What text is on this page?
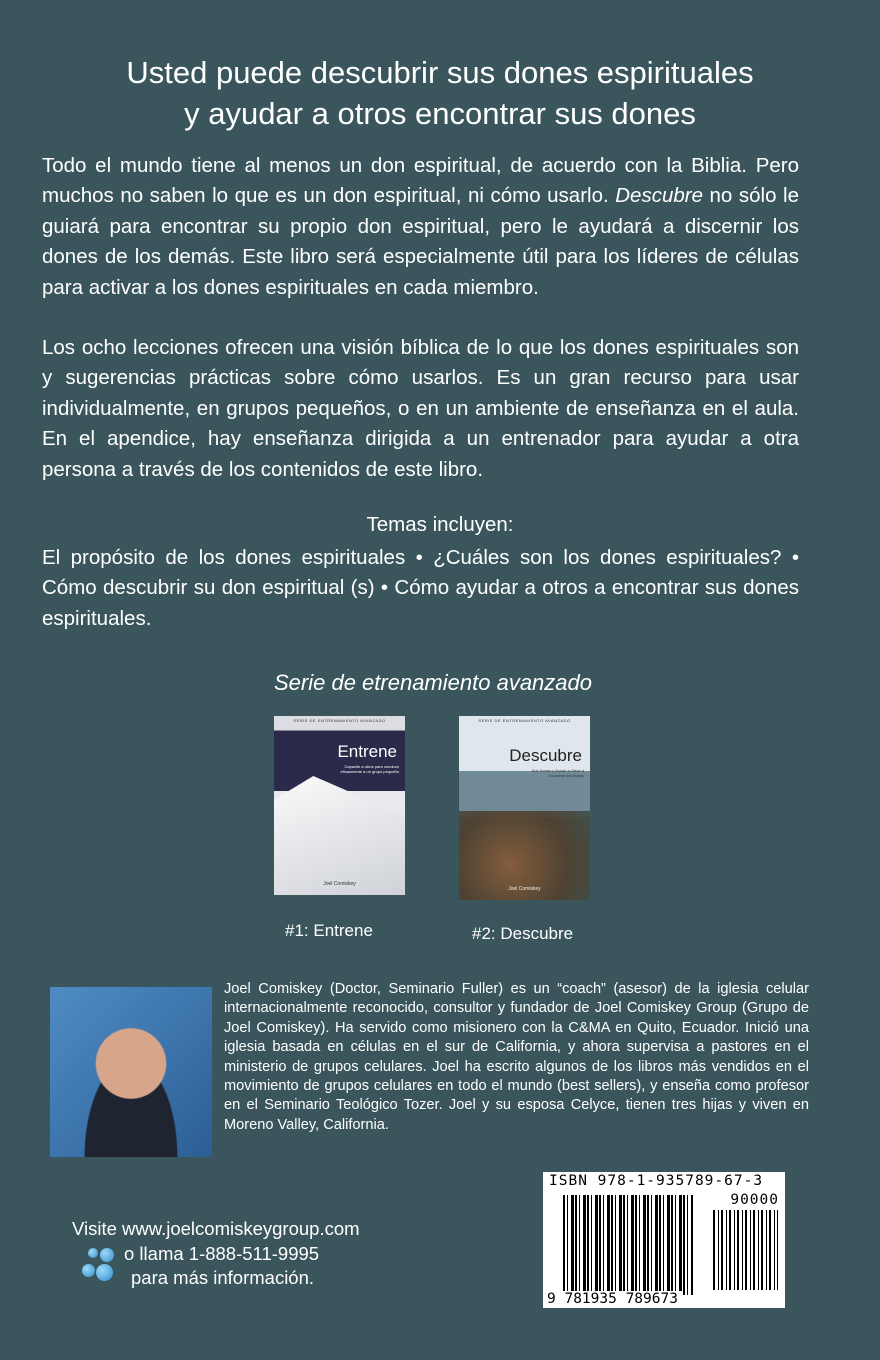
Usted puede descubrir sus dones espirituales
y ayudar a otros encontrar sus dones
Todo el mundo tiene al menos un don espiritual, de acuerdo con la Biblia. Pero muchos no saben lo que es un don espiritual, ni cómo usarlo. Descubre no sólo le guiará para encontrar su propio don espiritual, pero le ayudará a discernir los dones de los demás. Este libro será especialmente útil para los líderes de células para activar a los dones espirituales en cada miembro.
Los ocho lecciones ofrecen una visión bíblica de lo que los dones espirituales son y sugerencias prácticas sobre cómo usarlos. Es un gran recurso para usar individualmente, en grupos pequeños, o en un ambiente de enseñanza en el aula. En el apendice, hay enseñanza dirigida a un entrenador para ayudar a otra persona a través de los contenidos de este libro.
Temas incluyen:
El propósito de los dones espirituales • ¿Cuáles son los dones espirituales? • Cómo descubrir su don espiritual (s) • Cómo ayudar a otros a encontrar sus dones espirituales.
Serie de etrenamiento avanzado
SERIE DE ENTRENAMIENTO AVANZADO
Entrene
Capacite a otros para conducir eficazmente a un grupo pequeño
Joel Comiskey
SERIE DE ENTRENAMIENTO AVANZADO
Descubre
Sus Dones y Ayude a Otros a Encontrar los Suyos
Joel Comiskey
#1: Entrene	#2: Descubre
Joel Comiskey (Doctor, Seminario Fuller) es un “coach” (asesor) de la iglesia celular internacionalmente reconocido, consultor y fundador de Joel Comiskey Group (Grupo de Joel Comiskey). Ha servido como misionero con la C&MA en Quito, Ecuador. Inició una iglesia basada en células en el sur de California, y ahora supervisa a pastores en el ministerio de grupos celulares. Joel ha escrito algunos de los libros más vendidos en el movimiento de grupos celulares en todo el mundo (best sellers), y enseña como profesor en el Seminario Teológico Tozer. Joel y su esposa Celyce, tienen tres hijas y viven en Moreno Valley, California.
ISBN 978-1-935789-67-3
90000
9 781935 789673
Visite www.joelcomiskeygroup.com
o llama 1-888-511-9995
para más información.
